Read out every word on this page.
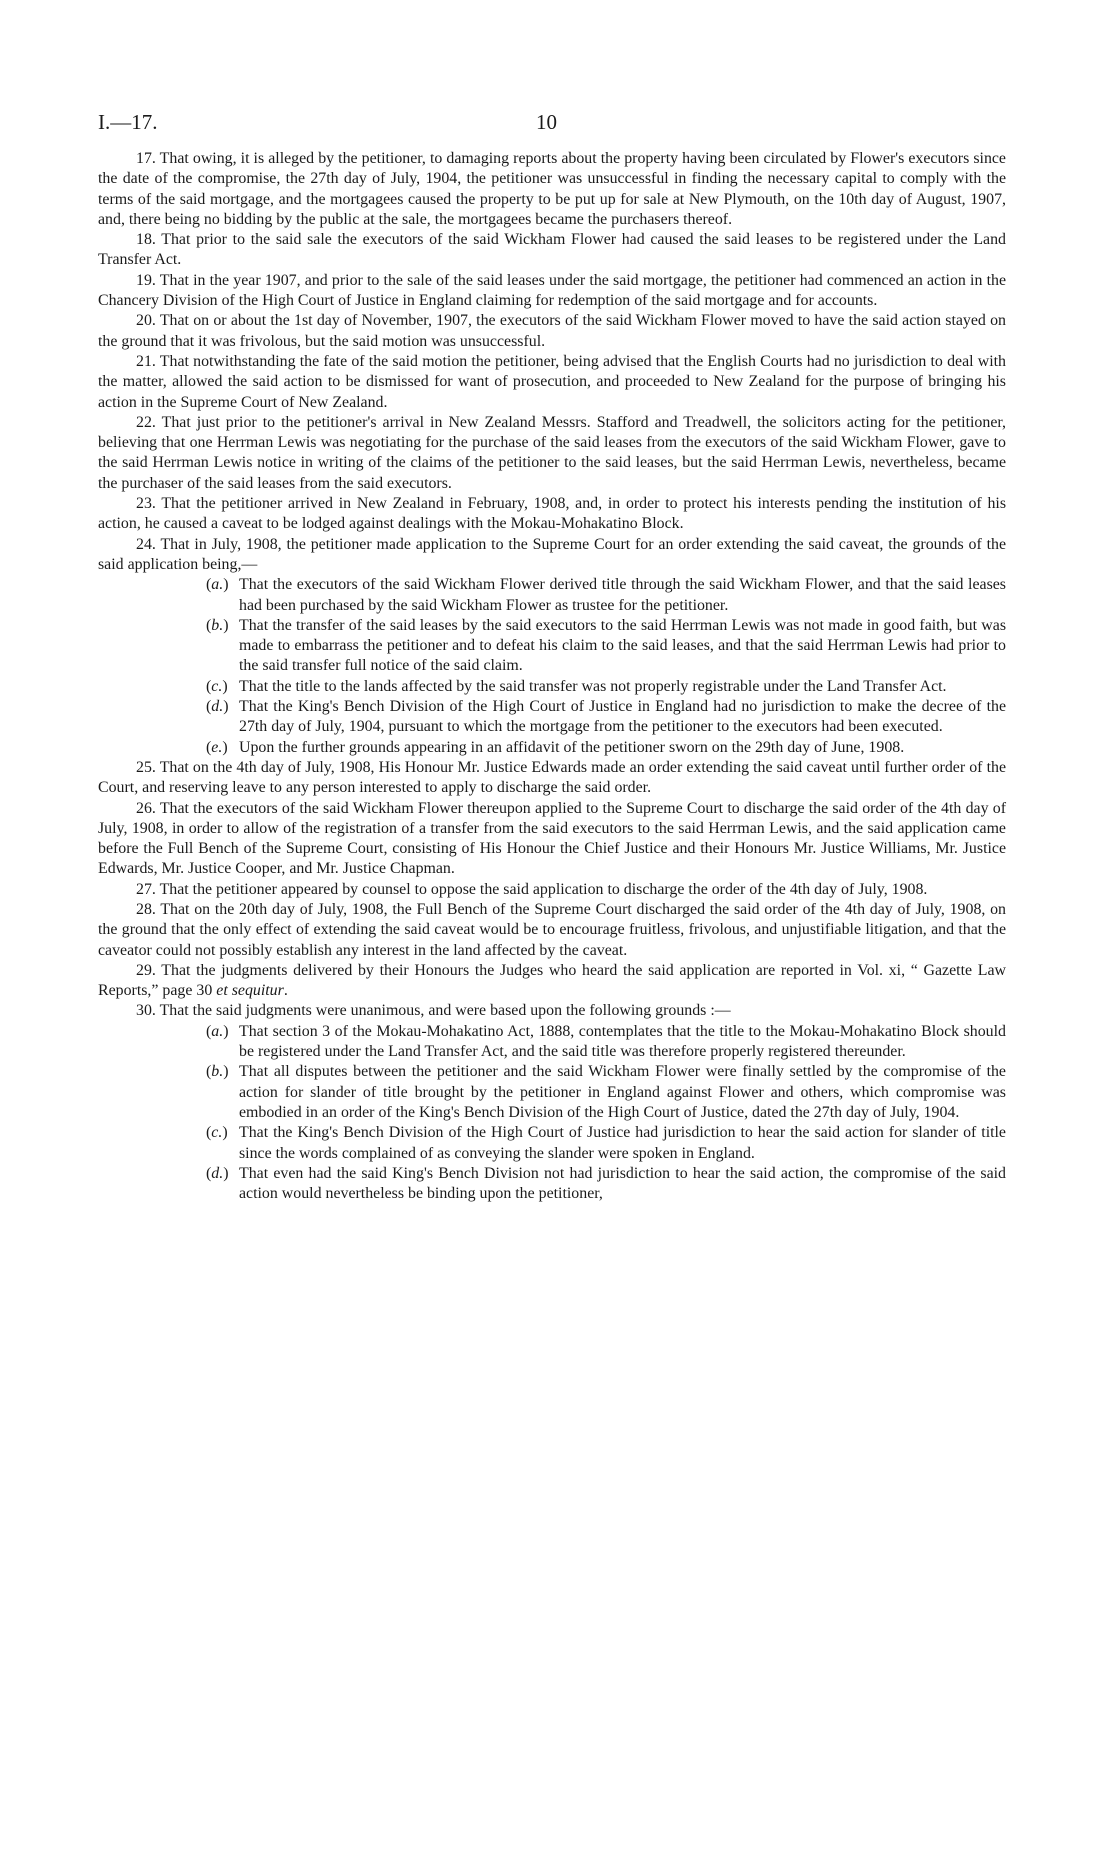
I.—17.	10

17. That owing, it is alleged by the petitioner, to damaging reports about the property having been circulated by Flower's executors since the date of the compromise, the 27th day of July, 1904, the petitioner was unsuccessful in finding the necessary capital to comply with the terms of the said mortgage, and the mortgagees caused the property to be put up for sale at New Plymouth, on the 10th day of August, 1907, and, there being no bidding by the public at the sale, the mortgagees became the purchasers thereof.

18. That prior to the said sale the executors of the said Wickham Flower had caused the said leases to be registered under the Land Transfer Act.

19. That in the year 1907, and prior to the sale of the said leases under the said mortgage, the petitioner had commenced an action in the Chancery Division of the High Court of Justice in England claiming for redemption of the said mortgage and for accounts.

20. That on or about the 1st day of November, 1907, the executors of the said Wickham Flower moved to have the said action stayed on the ground that it was frivolous, but the said motion was unsuccessful.

21. That notwithstanding the fate of the said motion the petitioner, being advised that the English Courts had no jurisdiction to deal with the matter, allowed the said action to be dismissed for want of prosecution, and proceeded to New Zealand for the purpose of bringing his action in the Supreme Court of New Zealand.

22. That just prior to the petitioner's arrival in New Zealand Messrs. Stafford and Treadwell, the solicitors acting for the petitioner, believing that one Herrman Lewis was negotiating for the purchase of the said leases from the executors of the said Wickham Flower, gave to the said Herrman Lewis notice in writing of the claims of the petitioner to the said leases, but the said Herrman Lewis, nevertheless, became the purchaser of the said leases from the said executors.

23. That the petitioner arrived in New Zealand in February, 1908, and, in order to protect his interests pending the institution of his action, he caused a caveat to be lodged against dealings with the Mokau-Mohakatino Block.

24. That in July, 1908, the petitioner made application to the Supreme Court for an order extending the said caveat, the grounds of the said application being,—

(a.) That the executors of the said Wickham Flower derived title through the said Wickham Flower, and that the said leases had been purchased by the said Wickham Flower as trustee for the petitioner.

(b.) That the transfer of the said leases by the said executors to the said Herrman Lewis was not made in good faith, but was made to embarrass the petitioner and to defeat his claim to the said leases, and that the said Herrman Lewis had prior to the said transfer full notice of the said claim.

(c.) That the title to the lands affected by the said transfer was not properly registrable under the Land Transfer Act.

(d.) That the King's Bench Division of the High Court of Justice in England had no jurisdiction to make the decree of the 27th day of July, 1904, pursuant to which the mortgage from the petitioner to the executors had been executed.

(e.) Upon the further grounds appearing in an affidavit of the petitioner sworn on the 29th day of June, 1908.

25. That on the 4th day of July, 1908, His Honour Mr. Justice Edwards made an order extending the said caveat until further order of the Court, and reserving leave to any person interested to apply to discharge the said order.

26. That the executors of the said Wickham Flower thereupon applied to the Supreme Court to discharge the said order of the 4th day of July, 1908, in order to allow of the registration of a transfer from the said executors to the said Herrman Lewis, and the said application came before the Full Bench of the Supreme Court, consisting of His Honour the Chief Justice and their Honours Mr. Justice Williams, Mr. Justice Edwards, Mr. Justice Cooper, and Mr. Justice Chapman.

27. That the petitioner appeared by counsel to oppose the said application to discharge the order of the 4th day of July, 1908.

28. That on the 20th day of July, 1908, the Full Bench of the Supreme Court discharged the said order of the 4th day of July, 1908, on the ground that the only effect of extending the said caveat would be to encourage fruitless, frivolous, and unjustifiable litigation, and that the caveator could not possibly establish any interest in the land affected by the caveat.

29. That the judgments delivered by their Honours the Judges who heard the said application are reported in Vol. xi, “ Gazette Law Reports,” page 30 et sequitur.

30. That the said judgments were unanimous, and were based upon the following grounds :—

(a.) That section 3 of the Mokau-Mohakatino Act, 1888, contemplates that the title to the Mokau-Mohakatino Block should be registered under the Land Transfer Act, and the said title was therefore properly registered thereunder.

(b.) That all disputes between the petitioner and the said Wickham Flower were finally settled by the compromise of the action for slander of title brought by the petitioner in England against Flower and others, which compromise was embodied in an order of the King's Bench Division of the High Court of Justice, dated the 27th day of July, 1904.

(c.) That the King's Bench Division of the High Court of Justice had jurisdiction to hear the said action for slander of title since the words complained of as conveying the slander were spoken in England.

(d.) That even had the said King's Bench Division not had jurisdiction to hear the said action, the compromise of the said action would nevertheless be binding upon the petitioner,
